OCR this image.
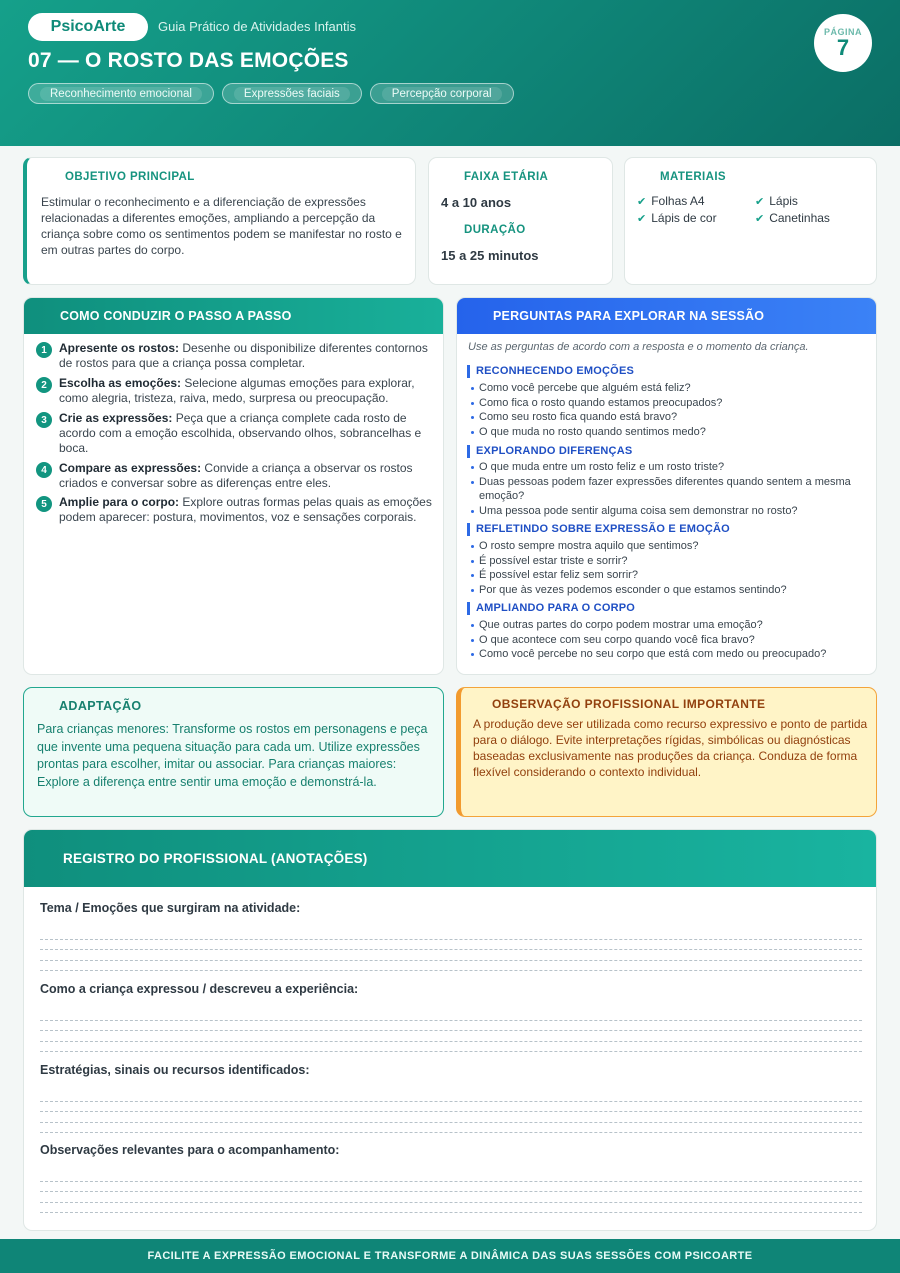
PsicoArte	Guia Prático de Atividades Infantis
07 — O ROSTO DAS EMOÇÕES
Reconhecimento emocional	Expressões faciais	Percepção corporal
PÁGINA
7
OBJETIVO PRINCIPAL
Estimular o reconhecimento e a diferenciação de expressões relacionadas a diferentes emoções, ampliando a percepção da criança sobre como os sentimentos podem se manifestar no rosto e em outras partes do corpo.
FAIXA ETÁRIA
4 a 10 anos
DURAÇÃO
15 a 25 minutos
MATERIAIS
✔ Folhas A4	✔ Lápis
✔ Lápis de cor	✔ Canetinhas
COMO CONDUZIR O PASSO A PASSO
1	Apresente os rostos: Desenhe ou disponibilize diferentes contornos de rostos para que a criança possa completar.
2	Escolha as emoções: Selecione algumas emoções para explorar, como alegria, tristeza, raiva, medo, surpresa ou preocupação.
3	Crie as expressões: Peça que a criança complete cada rosto de acordo com a emoção escolhida, observando olhos, sobrancelhas e boca.
4	Compare as expressões: Convide a criança a observar os rostos criados e conversar sobre as diferenças entre eles.
5	Amplie para o corpo: Explore outras formas pelas quais as emoções podem aparecer: postura, movimentos, voz e sensações corporais.
PERGUNTAS PARA EXPLORAR NA SESSÃO
Use as perguntas de acordo com a resposta e o momento da criança.
RECONHECENDO EMOÇÕES
Como você percebe que alguém está feliz?
Como fica o rosto quando estamos preocupados?
Como seu rosto fica quando está bravo?
O que muda no rosto quando sentimos medo?
EXPLORANDO DIFERENÇAS
O que muda entre um rosto feliz e um rosto triste?
Duas pessoas podem fazer expressões diferentes quando sentem a mesma emoção?
Uma pessoa pode sentir alguma coisa sem demonstrar no rosto?
REFLETINDO SOBRE EXPRESSÃO E EMOÇÃO
O rosto sempre mostra aquilo que sentimos?
É possível estar triste e sorrir?
É possível estar feliz sem sorrir?
Por que às vezes podemos esconder o que estamos sentindo?
AMPLIANDO PARA O CORPO
Que outras partes do corpo podem mostrar uma emoção?
O que acontece com seu corpo quando você fica bravo?
Como você percebe no seu corpo que está com medo ou preocupado?
ADAPTAÇÃO
Para crianças menores: Transforme os rostos em personagens e peça que invente uma pequena situação para cada um. Utilize expressões prontas para escolher, imitar ou associar. Para crianças maiores: Explore a diferença entre sentir uma emoção e demonstrá-la.
OBSERVAÇÃO PROFISSIONAL IMPORTANTE
A produção deve ser utilizada como recurso expressivo e ponto de partida para o diálogo. Evite interpretações rígidas, simbólicas ou diagnósticas baseadas exclusivamente nas produções da criança. Conduza de forma flexível considerando o contexto individual.
REGISTRO DO PROFISSIONAL (ANOTAÇÕES)
Tema / Emoções que surgiram na atividade:
Como a criança expressou / descreveu a experiência:
Estratégias, sinais ou recursos identificados:
Observações relevantes para o acompanhamento:
FACILITE A EXPRESSÃO EMOCIONAL E TRANSFORME A DINÂMICA DAS SUAS SESSÕES COM PSICOARTE
